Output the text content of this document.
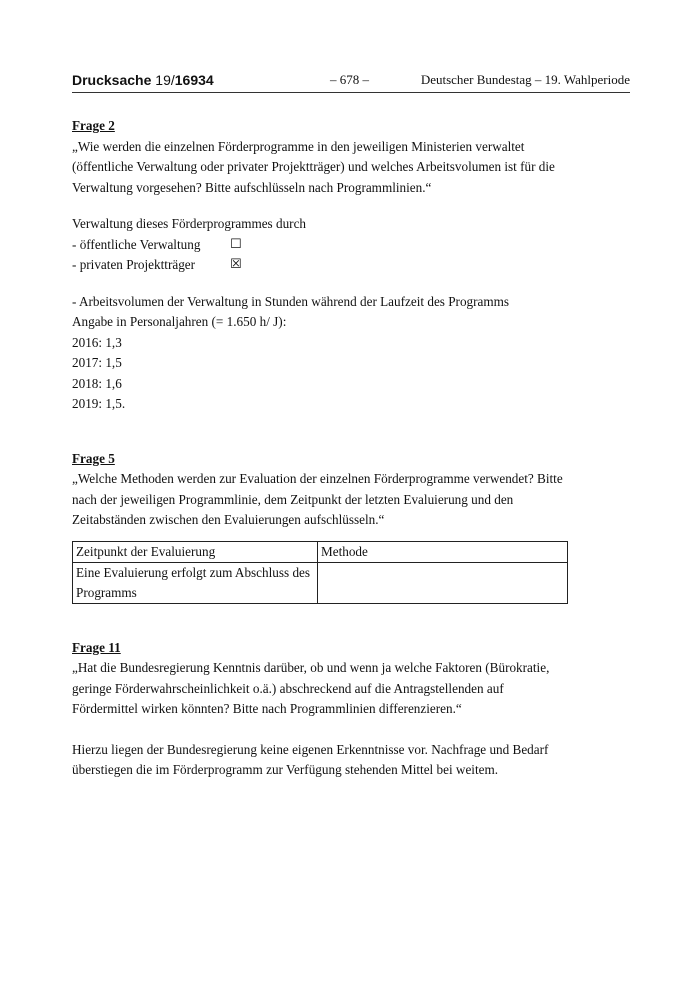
Drucksache 19/16934	– 678 –	Deutscher Bundestag – 19. Wahlperiode

Frage 2

„Wie werden die einzelnen Förderprogramme in den jeweiligen Ministerien verwaltet (öffentliche Verwaltung oder privater Projektträger) und welches Arbeitsvolumen ist für die Verwaltung vorgesehen? Bitte aufschlüsseln nach Programmlinien.“

Verwaltung dieses Förderprogrammes durch

- öffentliche Verwaltung	☐
- privaten Projektträger	☒

- Arbeitsvolumen der Verwaltung in Stunden während der Laufzeit des Programms

Angabe in Personaljahren (= 1.650 h/ J):

2016: 1,3

2017: 1,5

2018: 1,6

2019: 1,5.

Frage 5

„Welche Methoden werden zur Evaluation der einzelnen Förderprogramme verwendet? Bitte nach der jeweiligen Programmlinie, dem Zeitpunkt der letzten Evaluierung und den Zeitabständen zwischen den Evaluierungen aufschlüsseln.“

Zeitpunkt der Evaluierung	Methode
Eine Evaluierung erfolgt zum Abschluss des Programms	

Frage 11

„Hat die Bundesregierung Kenntnis darüber, ob und wenn ja welche Faktoren (Bürokratie, geringe Förderwahrscheinlichkeit o.ä.) abschreckend auf die Antragstellenden auf Fördermittel wirken könnten? Bitte nach Programmlinien differenzieren.“

Hierzu liegen der Bundesregierung keine eigenen Erkenntnisse vor. Nachfrage und Bedarf überstiegen die im Förderprogramm zur Verfügung stehenden Mittel bei weitem.
